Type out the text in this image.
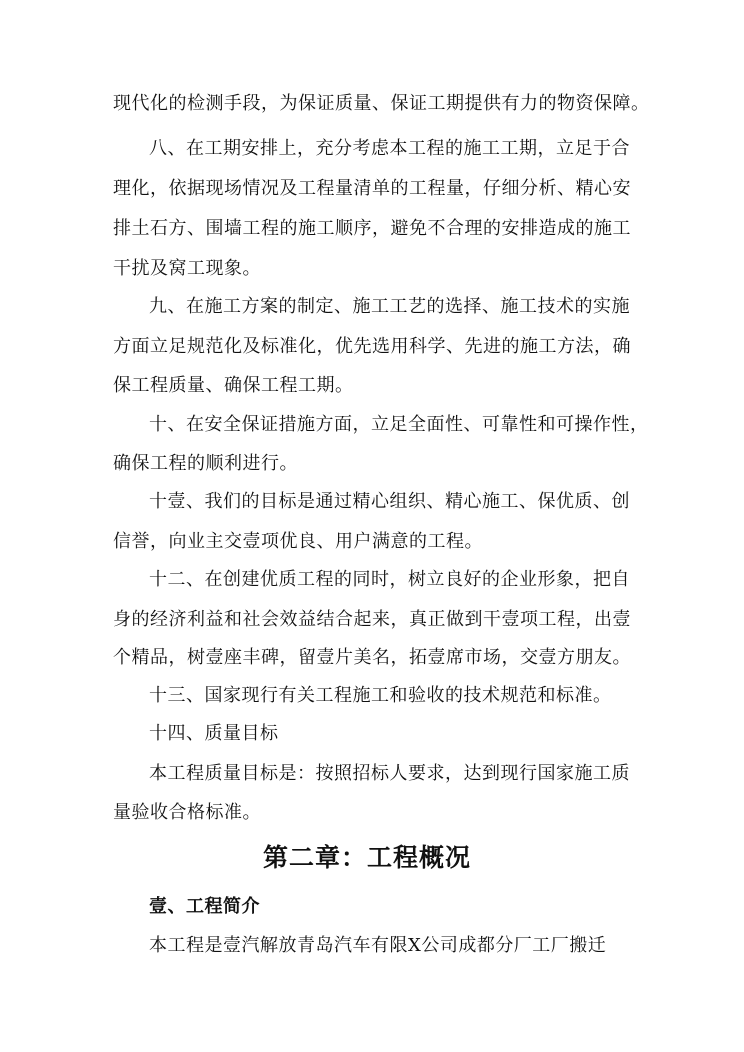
现代化的检测手段，为保证质量、保证工期提供有力的物资保障。
八、在工期安排上，充分考虑本工程的施工工期，立足于合
理化，依据现场情况及工程量清单的工程量，仔细分析、精心安
排土石方、围墙工程的施工顺序，避免不合理的安排造成的施工
干扰及窝工现象。
九、在施工方案的制定、施工工艺的选择、施工技术的实施
方面立足规范化及标准化，优先选用科学、先进的施工方法，确
保工程质量、确保工程工期。
十、在安全保证措施方面，立足全面性、可靠性和可操作性，
确保工程的顺利进行。
十壹、我们的目标是通过精心组织、精心施工、保优质、创
信誉，向业主交壹项优良、用户满意的工程。
十二、在创建优质工程的同时，树立良好的企业形象，把自
身的经济利益和社会效益结合起来，真正做到干壹项工程，出壹
个精品，树壹座丰碑，留壹片美名，拓壹席市场，交壹方朋友。
十三、国家现行有关工程施工和验收的技术规范和标准。
十四、质量目标
本工程质量目标是：按照招标人要求，达到现行国家施工质
量验收合格标准。
第二章：工程概况
壹、工程简介
本工程是壹汽解放青岛汽车有限X公司成都分厂工厂搬迁
